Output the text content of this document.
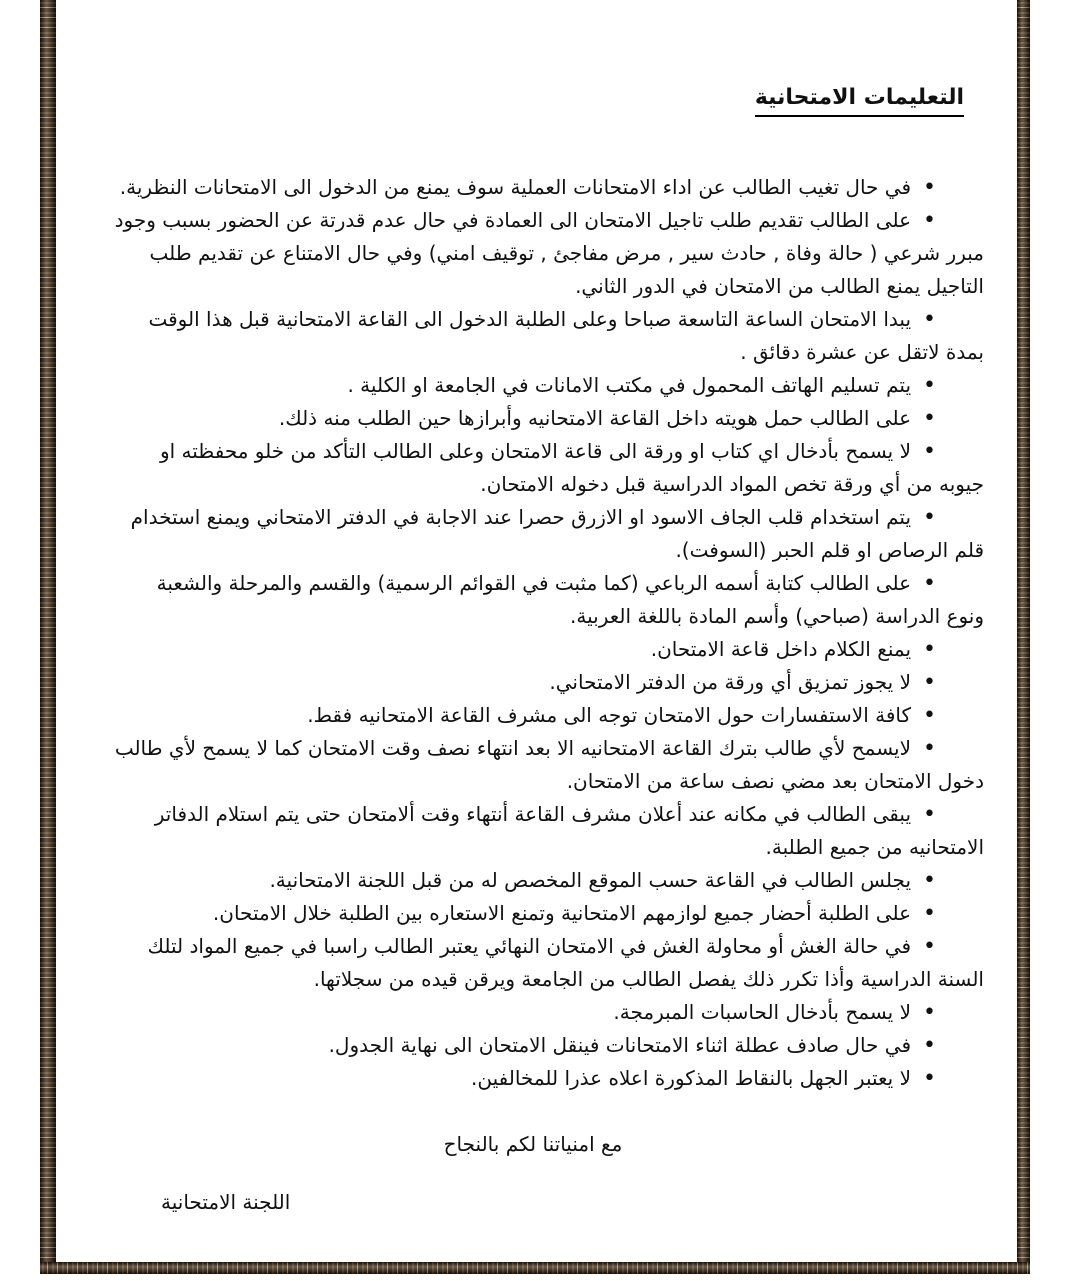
التعليمات الامتحانية
• في حال تغيب الطالب عن اداء الامتحانات العملية سوف يمنع من الدخول الى الامتحانات النظرية.
• على الطالب تقديم طلب تاجيل الامتحان الى العمادة في حال عدم قدرتة عن الحضور بسبب وجود مبرر شرعي ( حالة وفاة , حادث سير , مرض مفاجئ , توقيف امني) وفي حال الامتناع عن تقديم طلب التاجيل يمنع الطالب من الامتحان في الدور الثاني.
• يبدا الامتحان الساعة التاسعة صباحا وعلى الطلبة الدخول الى القاعة الامتحانية قبل هذا الوقت بمدة لاتقل عن عشرة دقائق .
• يتم تسليم الهاتف المحمول في مكتب الامانات في الجامعة او الكلية .
• على الطالب حمل هويته داخل القاعة الامتحانيه وأبرازها حين الطلب منه ذلك.
• لا يسمح بأدخال اي كتاب او ورقة الى قاعة الامتحان وعلى الطالب التأكد من خلو محفظته او جيوبه من أي ورقة تخص المواد الدراسية قبل دخوله الامتحان.
• يتم استخدام قلب الجاف الاسود او الازرق حصرا عند الاجابة في الدفتر الامتحاني ويمنع استخدام قلم الرصاص او قلم الحبر (السوفت).
• على الطالب كتابة أسمه الرباعي (كما مثبت في القوائم الرسمية) والقسم والمرحلة والشعبة ونوع الدراسة (صباحي) وأسم المادة باللغة العربية.
• يمنع الكلام داخل قاعة الامتحان.
• لا يجوز تمزيق أي ورقة من الدفتر الامتحاني.
• كافة الاستفسارات حول الامتحان توجه الى مشرف القاعة الامتحانيه فقط.
• لايسمح لأي طالب بترك القاعة الامتحانيه الا بعد انتهاء نصف وقت الامتحان كما لا يسمح لأي طالب دخول الامتحان بعد مضي نصف ساعة من الامتحان.
• يبقى الطالب في مكانه عند أعلان مشرف القاعة أنتهاء وقت ألامتحان حتى يتم استلام الدفاتر الامتحانيه من جميع الطلبة.
• يجلس الطالب في القاعة حسب الموقع المخصص له من قبل اللجنة الامتحانية.
• على الطلبة أحضار جميع لوازمهم الامتحانية وتمنع الاستعاره بين الطلبة خلال الامتحان.
• في حالة الغش أو محاولة الغش في الامتحان النهائي يعتبر الطالب راسبا في جميع المواد لتلك السنة الدراسية وأذا تكرر ذلك يفصل الطالب من الجامعة ويرقن قيده من سجلاتها.
• لا يسمح بأدخال الحاسبات المبرمجة.
• في حال صادف عطلة اثناء الامتحانات فينقل الامتحان الى نهاية الجدول.
• لا يعتبر الجهل بالنقاط المذكورة اعلاه عذرا للمخالفين.
مع امنياتنا لكم بالنجاح
اللجنة الامتحانية
